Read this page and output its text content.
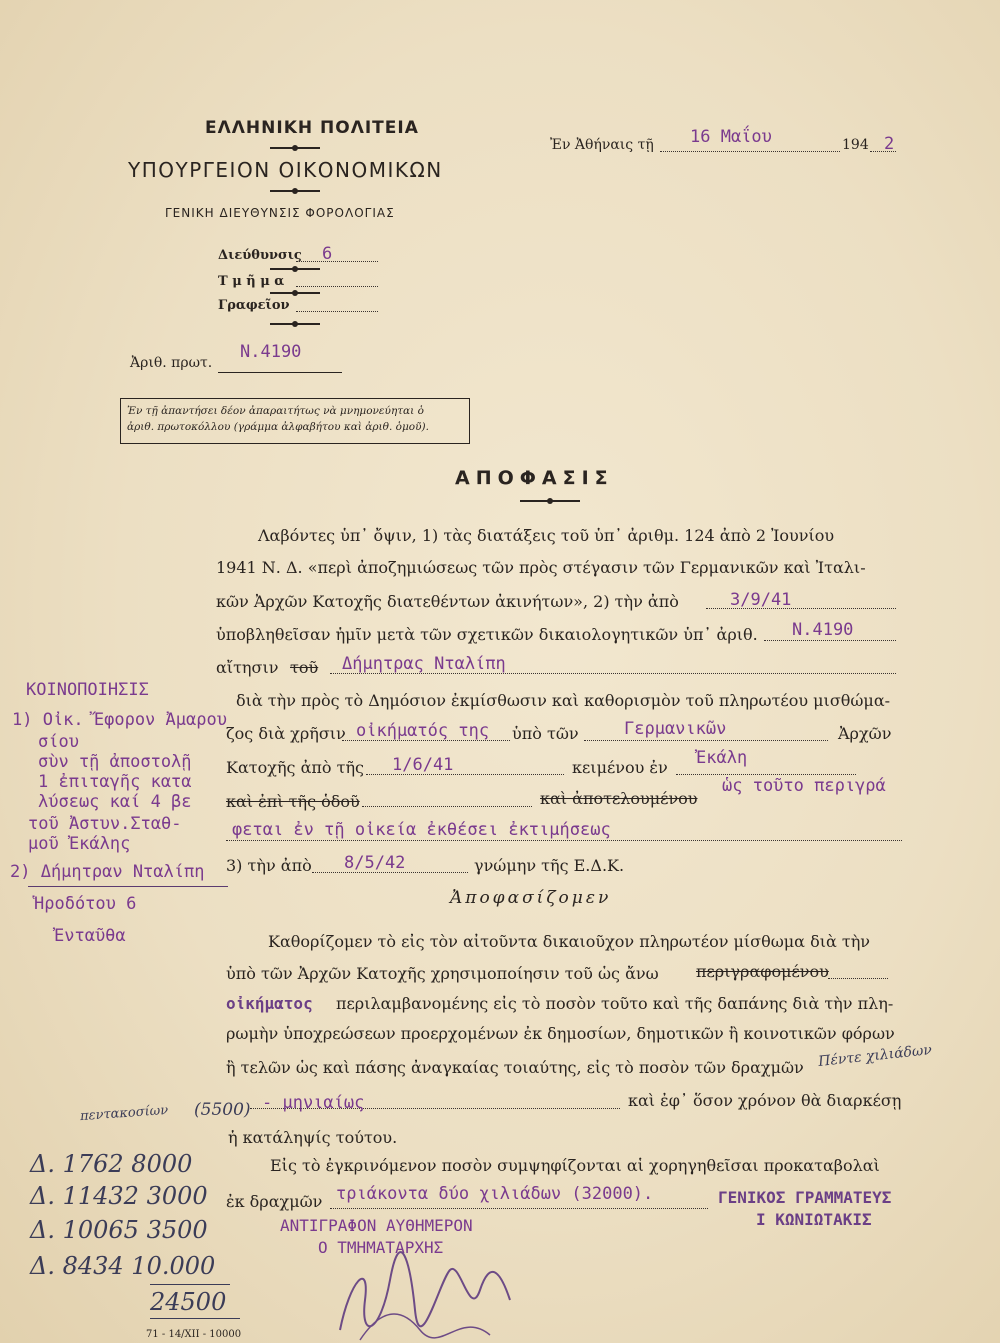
ΕΛΛΗΝΙΚΗ ΠΟΛΙΤΕΙΑ
ΥΠΟΥΡΓΕΙΟΝ ΟΙΚΟΝΟΜΙΚΩΝ
ΓΕΝΙΚΗ ΔΙΕΥΘΥΝΣΙΣ ΦΟΡΟΛΟΓΙΑΣ
Διεύθυνσις 6
Τ μ ῆ μ α
Γραφεῖον
Ἀριθ. πρωτ.
Ν.4190
Ἐν τῇ ἀπαντήσει δέον ἀπαραιτήτως νὰ μνημονεύηται ὁ
ἀριθ. πρωτοκόλλου (γράμμα ἀλφαβήτου καὶ ἀριθ. ὁμοῦ).
Ἐν Ἀθήναις τῇ 16 Μαΐου	194 2
ΑΠΟΦΑΣΙΣ
Λαβόντες ὑπ᾽ ὄψιν, 1) τὰς διατάξεις τοῦ ὑπ᾽ ἀριθμ. 124 ἀπὸ 2 Ἰουνίου
1941 Ν. Δ. «περὶ ἀποζημιώσεως τῶν πρὸς στέγασιν τῶν Γερμανικῶν καὶ Ἰταλι-
κῶν Ἀρχῶν Κατοχῆς διατεθέντων ἀκινήτων», 2) τὴν ἀπὸ	3/9/41
ὑποβληθεῖσαν ἡμῖν μετὰ τῶν σχετικῶν δικαιολογητικῶν ὑπ᾽ ἀριθ. Ν.4190
αἴτησιν τοῦ Δήμητρας Νταλίπη
διὰ τὴν πρὸς τὸ Δημόσιον ἐκμίσθωσιν καὶ καθορισμὸν τοῦ πληρωτέου μισθώμα-
ζος διὰ χρῆσιν οἰκήματός της ὑπὸ τῶν	Γερμανικῶν	Ἀρχῶν
Κατοχῆς ἀπὸ τῆς 1/6/41	κειμένου ἐν Ἐκάλη
καὶ ἐπὶ τῆς ὁδοῦ	καὶ ἀποτελουμένου
ὡς τοῦτο περιγρά
φεται ἐν τῇ οἰκεία ἐκθέσει ἐκτιμήσεως
3) τὴν ἀπὸ 8/5/42	γνώμην τῆς Ε.Δ.Κ.
Ἀποφασίζομεν
Καθορίζομεν τὸ εἰς τὸν αἰτοῦντα δικαιοῦχον πληρωτέον μίσθωμα διὰ τὴν
ὑπὸ τῶν Ἀρχῶν Κατοχῆς χρησιμοποίησιν τοῦ ὡς ἄνω περιγραφομένου
οἰκήματος περιλαμβανομένης εἰς τὸ ποσὸν τοῦτο καὶ τῆς δαπάνης διὰ τὴν πλη-
ρωμὴν ὑποχρεώσεων προερχομένων ἐκ δημοσίων, δημοτικῶν ἢ κοινοτικῶν φόρων
ἢ τελῶν ὡς καὶ πάσης ἀναγκαίας τοιαύτης, εἰς τὸ ποσὸν τῶν δραχμῶν Πέντε χιλιάδων
πεντακοσίων (5500) - μηνιαίως	καὶ ἐφ᾽ ὅσον χρόνον θὰ διαρκέσῃ
ἡ κατάληψίς τούτου.
Εἰς τὸ ἐγκρινόμενον ποσὸν συμψηφίζονται αἱ χορηγηθεῖσαι προκαταβολαὶ
ἐκ δραχμῶν τριάκοντα δύο χιλιάδων (32000).	ΓΕΝΙΚΟΣ ΓΡΑΜΜΑΤΕΥΣ
Ι ΚΩΝΙΩΤΑΚΙΣ
ΑΝΤΙΓΡΑΦΟΝ ΑΥΘΗΜΕΡΟΝ
Ο ΤΜΗΜΑΤΑΡΧΗΣ
ΚΟΙΝΟΠΟΙΗΣΙΣ
1) Οἰκ. Ἔφορον Ἀμαρου
σίου
σὺν τῇ ἀποστολῇ
1 ἐπιταγῆς κατα
λύσεως καί 4 βε
τοῦ Ἀστυν.Σταθ-
μοῦ Ἐκάλης
2) Δήμητραν Νταλίπη
Ἡροδότου 6
Ἐνταῦθα
Δ. 1762 8000
Δ. 11432 3000
Δ. 10065 3500
Δ. 8434 10.000
24500
71 - 14/XII - 10000
